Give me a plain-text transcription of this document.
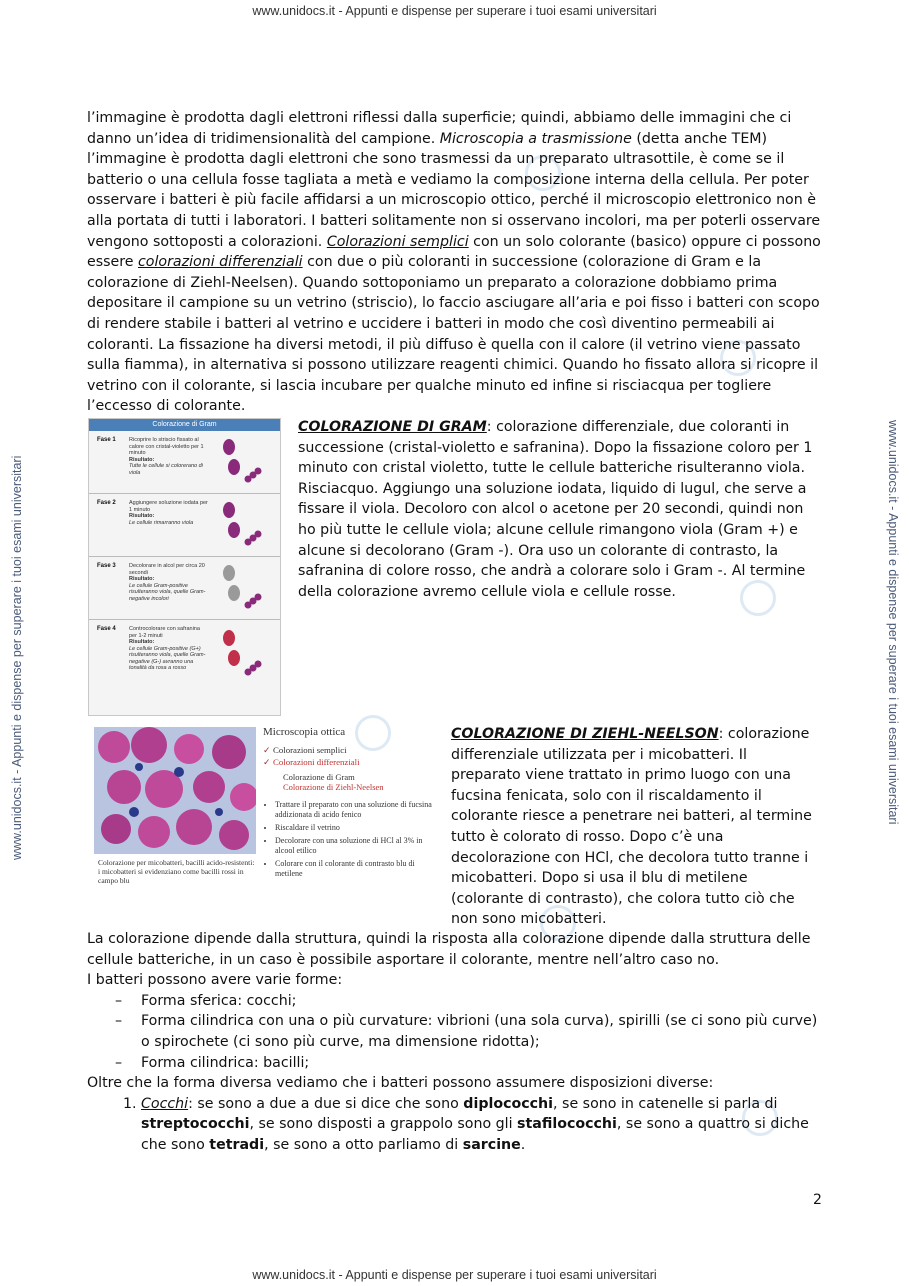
www.unidocs.it - Appunti e dispense per superare i tuoi esami universitari
www.unidocs.it - Appunti e dispense per superare i tuoi esami universitari	www.unidocs.it - Appunti e dispense per superare i tuoi esami universitari
l’immagine è prodotta dagli elettroni riflessi dalla superficie; quindi, abbiamo delle immagini che ci danno un’idea di tridimensionalità del campione. Microscopia a trasmissione (detta anche TEM) l’immagine è prodotta dagli elettroni che sono trasmessi da un preparato ultrasottile, è come se il batterio o una cellula fosse tagliata a metà e vediamo la composizione interna della cellula. Per poter osservare i batteri è più facile affidarsi a un microscopio ottico, perché il microscopio elettronico non è alla portata di tutti i laboratori. I batteri solitamente non si osservano incolori, ma per poterli osservare vengono sottoposti a colorazioni. Colorazioni semplici con un solo colorante (basico) oppure ci possono essere colorazioni differenziali con due o più coloranti in successione (colorazione di Gram e la colorazione di Ziehl-Neelsen). Quando sottoponiamo un preparato a colorazione dobbiamo prima depositare il campione su un vetrino (striscio), lo faccio asciugare all’aria e poi fisso i batteri con scopo di rendere stabile i batteri al vetrino e uccidere i batteri in modo che così diventino permeabili ai coloranti. La fissazione ha diversi metodi, il più diffuso è quella con il calore (il vetrino viene passato sulla fiamma), in alternativa si possono utilizzare reagenti chimici. Quando ho fissato allora si ricopre il vetrino con il colorante, si lascia incubare per qualche minuto ed infine si risciacqua per togliere l’eccesso di colorante.
Colorazione di Gram
Fase 1 Ricoprire lo striscio fissato al calore con cristal-violetto per 1 minuto
Risultato:
Tutte le cellule si colorerano di viola
Fase 2 Aggiungere soluzione iodata per 1 minuto
Risultato:
Le cellule rimarranno viola
Fase 3 Decolorare in alcol per circa 20 secondi
Risultato:
Le cellule Gram-positive risulteranno viola, quelle Gram-negative incolori
Fase 4 Controcolorare con safranina per 1-2 minuti
Risultato:
Le cellule Gram-positive (G+) risulteranno viola, quelle Gram-negative (G-) avranno una tonalità da rosa a rosso
COLORAZIONE DI GRAM: colorazione differenziale, due coloranti in successione (cristal-violetto e safranina). Dopo la fissazione coloro per 1 minuto con cristal violetto, tutte le cellule batteriche risulteranno viola. Risciacquo. Aggiungo una soluzione iodata, liquido di lugul, che serve a fissare il viola. Decoloro con alcol o acetone per 20 secondi, quindi non ho più tutte le cellule viola; alcune cellule rimangono viola (Gram +) e alcune si decolorano (Gram -). Ora uso un colorante di contrasto, la safranina di colore rosso, che andrà a colorare solo i Gram -. Al termine della colorazione avremo cellule viola e cellule rosse.
Colorazione per micobatteri, bacilli acido-resistenti: i micobatteri si evidenziano come bacilli rossi in campo blu
Microscopia ottica
✓ Colorazioni semplici
✓ Colorazioni differenziali
Colorazione di Gram
Colorazione di Ziehl-Neelsen
• Trattare il preparato con una soluzione di fucsina addizionata di acido fenico
• Riscaldare il vetrino
• Decolorare con una soluzione di HCl al 3% in alcool etilico
• Colorare con il colorante di contrasto blu di metilene
COLORAZIONE DI ZIEHL-NEELSON: colorazione differenziale utilizzata per i micobatteri. Il preparato viene trattato in primo luogo con una fucsina fenicata, solo con il riscaldamento il colorante riesce a penetrare nei batteri, al termine tutto è colorato di rosso. Dopo c’è una decolorazione con HCl, che decolora tutto tranne i micobatteri. Dopo si usa il blu di metilene (colorante di contrasto), che colora tutto ciò che non sono micobatteri.
La colorazione dipende dalla struttura, quindi la risposta alla colorazione dipende dalla struttura delle cellule batteriche, in un caso è possibile asportare il colorante, mentre nell’altro caso no.
I batteri possono avere varie forme:
– Forma sferica: cocchi;
– Forma cilindrica con una o più curvature: vibrioni (una sola curva), spirilli (se ci sono più curve) o spirochete (ci sono più curve, ma dimensione ridotta);
– Forma cilindrica: bacilli;
Oltre che la forma diversa vediamo che i batteri possono assumere disposizioni diverse:
1. Cocchi: se sono a due a due si dice che sono diplococchi, se sono in catenelle si parla di streptococchi, se sono disposti a grappolo sono gli stafilococchi, se sono a quattro si diche che sono tetradi, se sono a otto parliamo di sarcine.
2
www.unidocs.it - Appunti e dispense per superare i tuoi esami universitari
